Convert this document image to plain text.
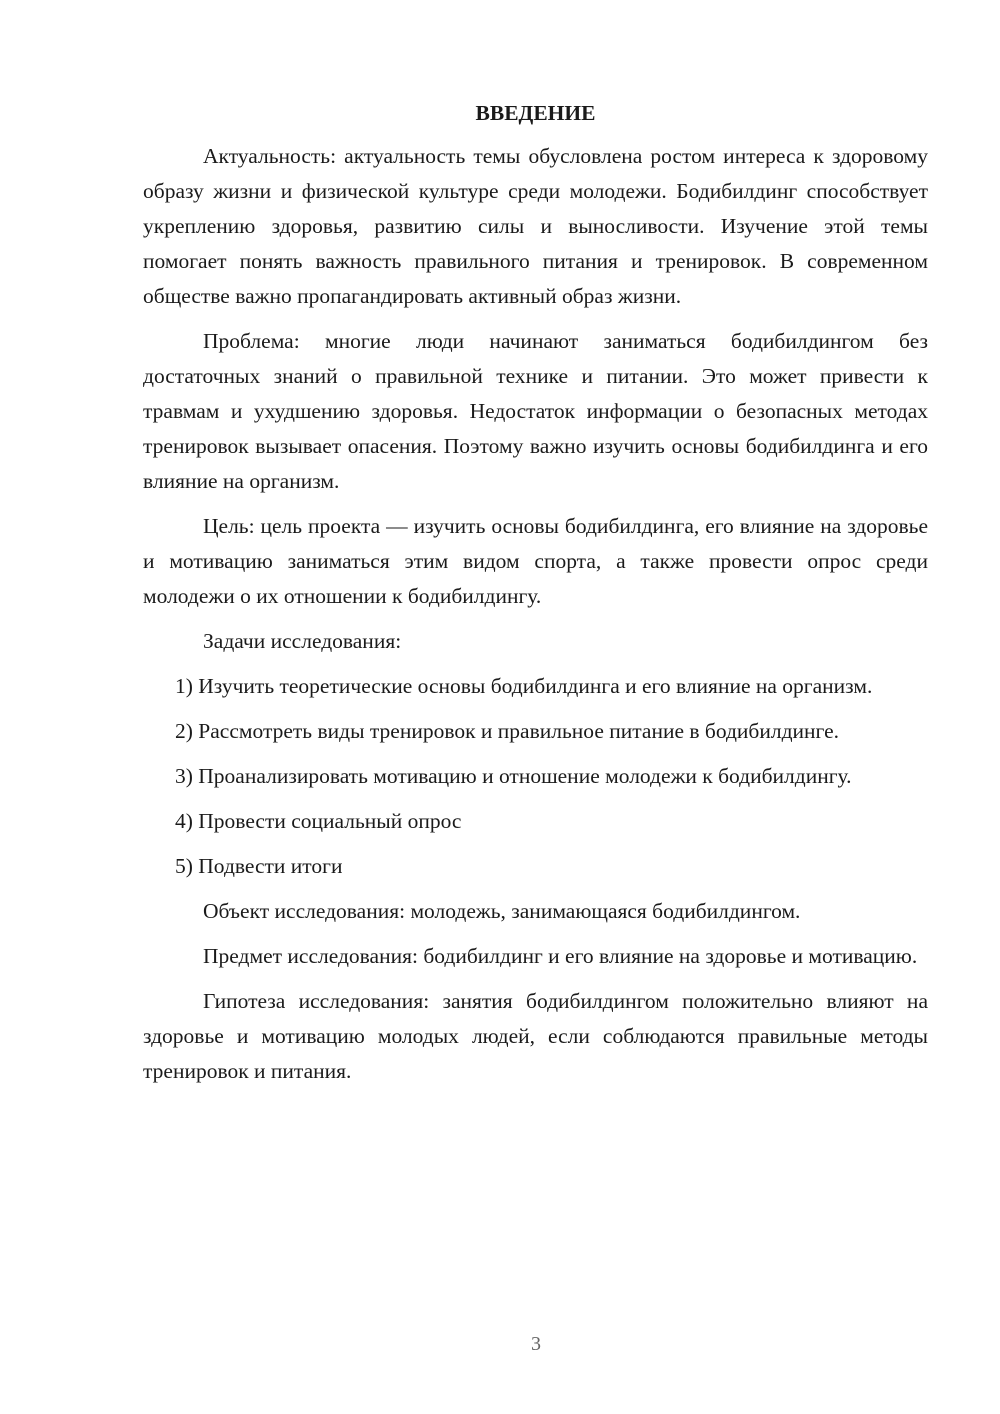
ВВЕДЕНИЕ

Актуальность: актуальность темы обусловлена ростом интереса к здоровому образу жизни и физической культуре среди молодежи. Бодибилдинг способствует укреплению здоровья, развитию силы и выносливости. Изучение этой темы помогает понять важность правильного питания и тренировок. В современном обществе важно пропагандировать активный образ жизни.

Проблема: многие люди начинают заниматься бодибилдингом без достаточных знаний о правильной технике и питании. Это может привести к травмам и ухудшению здоровья. Недостаток информации о безопасных методах тренировок вызывает опасения. Поэтому важно изучить основы бодибилдинга и его влияние на организм.

Цель: цель проекта — изучить основы бодибилдинга, его влияние на здоровье и мотивацию заниматься этим видом спорта, а также провести опрос среди молодежи о их отношении к бодибилдингу.

Задачи исследования:

1) Изучить теоретические основы бодибилдинга и его влияние на организм.

2) Рассмотреть виды тренировок и правильное питание в бодибилдинге.

3) Проанализировать мотивацию и отношение молодежи к бодибилдингу.

4) Провести социальный опрос

5) Подвести итоги

Объект исследования: молодежь, занимающаяся бодибилдингом.

Предмет исследования: бодибилдинг и его влияние на здоровье и мотивацию.

Гипотеза исследования: занятия бодибилдингом положительно влияют на здоровье и мотивацию молодых людей, если соблюдаются правильные методы тренировок и питания.

3
